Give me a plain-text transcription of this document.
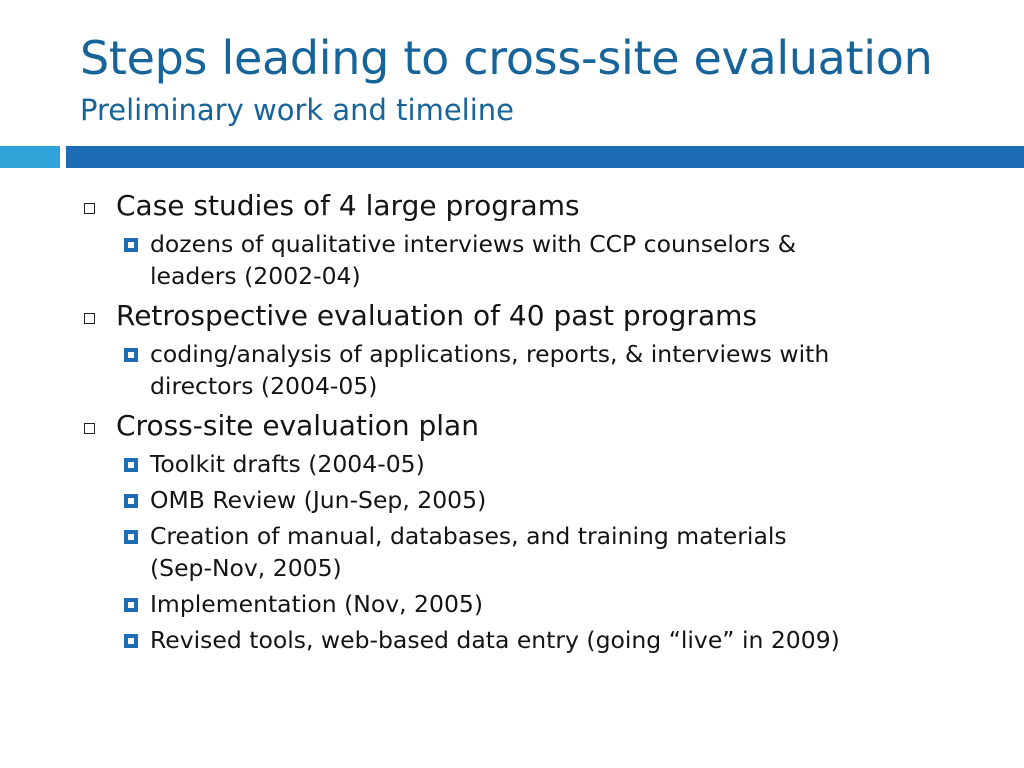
Steps leading to cross-site evaluation
Preliminary work and timeline
Case studies of 4 large programs
dozens of qualitative interviews with CCP counselors &
leaders (2002-04)
Retrospective evaluation of 40 past programs
coding/analysis of applications, reports, & interviews with
directors (2004-05)
Cross-site evaluation plan
Toolkit drafts (2004-05)
OMB Review (Jun-Sep, 2005)
Creation of manual, databases, and training materials
(Sep-Nov, 2005)
Implementation (Nov, 2005)
Revised tools, web-based data entry (going “live” in 2009)
